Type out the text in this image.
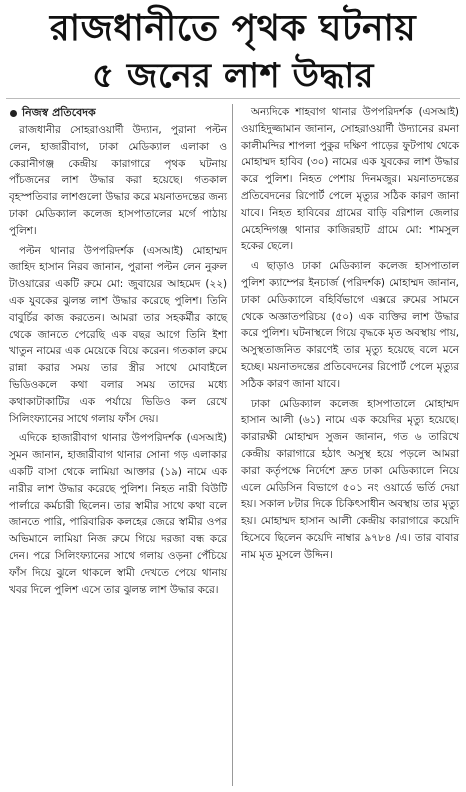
রাজধানীতে পৃথক ঘটনায়
৫ জনের লাশ উদ্ধার
নিজস্ব প্রতিবেদক

রাজধানীর সোহরাওয়ার্দী উদ্যান, পুরানা পল্টন লেন, হাজারীবাগ, ঢাকা মেডিক্যাল এলাকা ও কেরানীগঞ্জ কেন্দ্রীয় কারাগারে পৃথক ঘটনায় পাঁচজনের লাশ উদ্ধার করা হয়েছে। গতকাল বৃহস্পতিবার লাশগুলো উদ্ধার করে ময়নাতদন্তের জন্য ঢাকা মেডিক্যাল কলেজ হাসপাতালের মর্গে পাঠায় পুলিশ।

পল্টন থানার উপপরিদর্শক (এসআই) মোহাম্মদ জাহিদ হাসান নিরব জানান, পুরানা পল্টন লেন নুরুল টাওয়ারের একটি রুমে মো: জুবায়ের আহমেদ (২২) এক যুবকের ঝুলন্ত লাশ উদ্ধার করেছে পুলিশ। তিনি বাবুর্চির কাজ করতেন। আমরা তার সহকর্মীর কাছে থেকে জানতে পেরেছি এক বছর আগে তিনি ইশা খাতুন নামের এক মেয়েকে বিয়ে করেন। গতকাল রুমে রান্না করার সময় তার স্ত্রীর সাথে মোবাইলে ভিডিওকলে কথা বলার সময় তাদের মধ্যে কথাকাটাকাটির এক পর্যায়ে ভিডিও কল রেখে সিলিংফ্যানের সাথে গলায় ফাঁস দেয়।

এদিকে হাজারীবাগ থানার উপপরিদর্শক (এসআই) সুমন জানান, হাজারীবাগ থানার সোনা গড় এলাকার একটি বাসা থেকে লামিয়া আক্তার (১৯) নামে এক নারীর লাশ উদ্ধার করেছে পুলিশ। নিহত নারী বিউটি পার্লারে কর্মচারী ছিলেন। তার স্বামীর সাথে কথা বলে জানতে পারি, পারিবারিক কলহের জেরে স্বামীর ওপর অভিমানে লামিয়া নিজ রুমে গিয়ে দরজা বন্ধ করে দেন। পরে সিলিংফ্যানের সাথে গলায় ওড়না পেঁচিয়ে ফাঁস দিয়ে ঝুলে থাকলে স্বামী দেখতে পেয়ে থানায় খবর দিলে পুলিশ এসে তার ঝুলন্ত লাশ উদ্ধার করে।

অন্যদিকে শাহবাগ থানার উপপরিদর্শক (এসআই) ওয়াহিদুজ্জামান জানান, সোহরাওয়ার্দী উদ্যানের রমনা কালীমন্দির শাপলা পুকুর দক্ষিণ পাড়ের ফুটপাথ থেকে মোহাম্মদ হাবিব (৩০) নামের এক যুবকের লাশ উদ্ধার করে পুলিশ। নিহত পেশায় দিনমজুর। ময়নাতদন্তের প্রতিবেদনের রিপোর্ট পেলে মৃত্যুর সঠিক কারণ জানা যাবে। নিহত হাবিবের গ্রামের বাড়ি বরিশাল জেলার মেহেন্দিগঞ্জ থানার কাজিরহাট গ্রামে মো: শামসুল হকের ছেলে।

এ ছাড়াও ঢাকা মেডিক্যাল কলেজ হাসপাতাল পুলিশ ক্যাম্পের ইনচার্জ (পরিদর্শক) মোহাম্মদ জানান, ঢাকা মেডিক্যালে বহির্বিভাগে এক্সরে রুমের সামনে থেকে অজ্ঞাতপরিচয় (৫০) এক ব্যক্তির লাশ উদ্ধার করে পুলিশ। ঘটনাস্থলে গিয়ে বৃদ্ধকে মৃত অবস্থায় পায়, অসুস্থতাজনিত কারণেই তার মৃত্যু হয়েছে বলে মনে হচ্ছে। ময়নাতদন্তের প্রতিবেদনের রিপোর্ট পেলে মৃত্যুর সঠিক কারণ জানা যাবে।

ঢাকা মেডিক্যাল কলেজ হাসপাতালে মোহাম্মদ হাসান আলী (৬১) নামে এক কয়েদির মৃত্যু হয়েছে। কারারক্ষী মোহাম্মদ সুজন জানান, গত ৬ তারিখে কেন্দ্রীয় কারাগারে হঠাৎ অসুস্থ হয়ে পড়লে আমরা কারা কর্তৃপক্ষে নির্দেশে দ্রুত ঢাকা মেডিক্যালে নিয়ে এলে মেডিসিন বিভাগে ৫০১ নং ওয়ার্ডে ভর্তি দেয়া হয়। সকাল ৮টার দিকে চিকিৎসাধীন অবস্থায় তার মৃত্যু হয়। মোহাম্মদ হাসান আলী কেন্দ্রীয় কারাগারে কয়েদি হিসেবে ছিলেন কয়েদি নাম্বার ৯৭৮৪ /এ। তার বাবার নাম মৃত মুসলে উদ্দিন।
